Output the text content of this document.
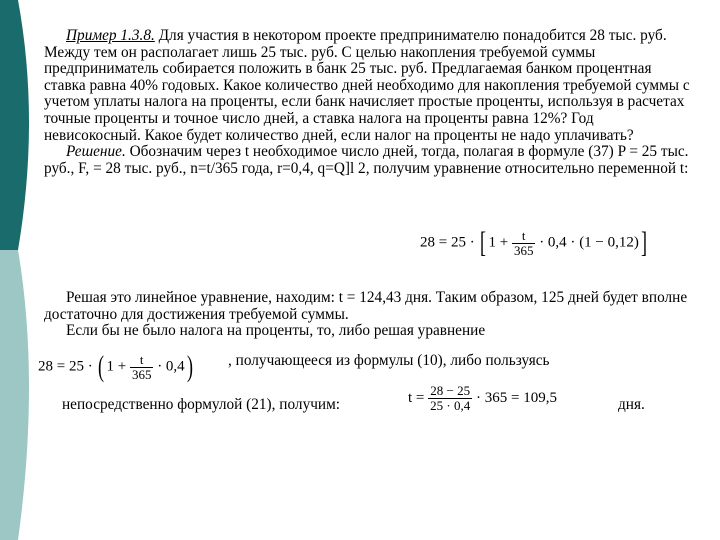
Пример 1.3.8. Для участия в некотором проекте предпринимателю понадобится 28 тыс. руб. Между тем он располагает лишь 25 тыс. руб. С целью накопления требуемой суммы предприниматель собирается положить в банк 25 тыс. руб. Предлагаемая банком процентная ставка равна 40% годовых. Какое количество дней необходимо для накопления требуемой суммы с учетом уплаты налога на проценты, если банк начисляет простые проценты, используя в расчетах точные проценты и точное число дней, а ставка налога на проценты равна 12%? Год невисокосный. Какое будет количество дней, если налог на проценты не надо уплачивать?

Решение. Обозначим через t необходимое число дней, тогда, полагая в формуле (37) P = 25 тыс. руб., F, = 28 тыс. руб., n=t/365 года, r=0,4, q=Q]l 2, получим уравнение относительно переменной t:

28 = 25 · [ $1 + \frac{t}{365} \cdot 0,4 \cdot (1 - 0,12)$]

Решая это линейное уравнение, находим: t = 124,43 дня. Таким образом, 125 дней будет вполне достаточно для достижения требуемой суммы.

Если бы не было налога на проценты, то, либо решая уравнение

28 = 25 · ( $1 + \frac{t}{365} \cdot 0,4$) , получающееся из формулы (10), либо пользуясь
непосредственно формулой (21), получим:	$t = \frac{28 - 25}{25 \cdot 0,4} \cdot 365 = 109,5$	дня.
